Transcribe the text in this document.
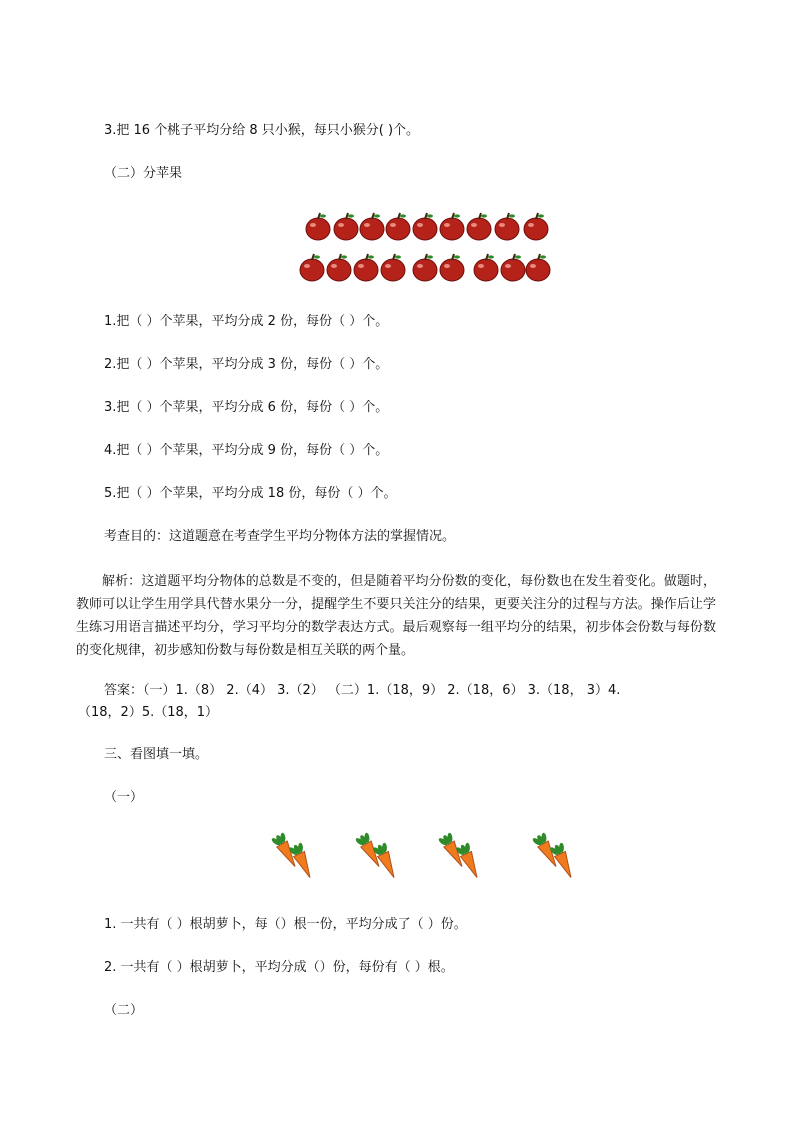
3.把 16 个桃子平均分给 8 只小猴，每只小猴分( )个。
（二）分苹果
1.把（ ）个苹果，平均分成 2 份，每份（ ）个。
2.把（ ）个苹果，平均分成 3 份，每份（ ）个。
3.把（ ）个苹果，平均分成 6 份，每份（ ）个。
4.把（ ）个苹果，平均分成 9 份，每份（ ）个。
5.把（ ）个苹果，平均分成 18 份，每份（ ）个。
考查目的：这道题意在考查学生平均分物体方法的掌握情况。
解析：这道题平均分物体的总数是不变的，但是随着平均分份数的变化，每份数也在发生着变化。做题时，教师可以让学生用学具代替水果分一分，提醒学生不要只关注分的结果，更要关注分的过程与方法。操作后让学生练习用语言描述平均分，学习平均分的数学表达方式。最后观察每一组平均分的结果，初步体会份数与每份数的变化规律，初步感知份数与每份数是相互关联的两个量。
答案：（一）1.（8） 2.（4） 3.（2） （二）1.（18，9） 2.（18，6） 3.（18， 3）4.
（18，2）5.（18，1）
三、看图填一填。
（一）
1. 一共有（ ）根胡萝卜，每（）根一份，平均分成了（ ）份。
2. 一共有（ ）根胡萝卜，平均分成（）份，每份有（ ）根。
（二）
